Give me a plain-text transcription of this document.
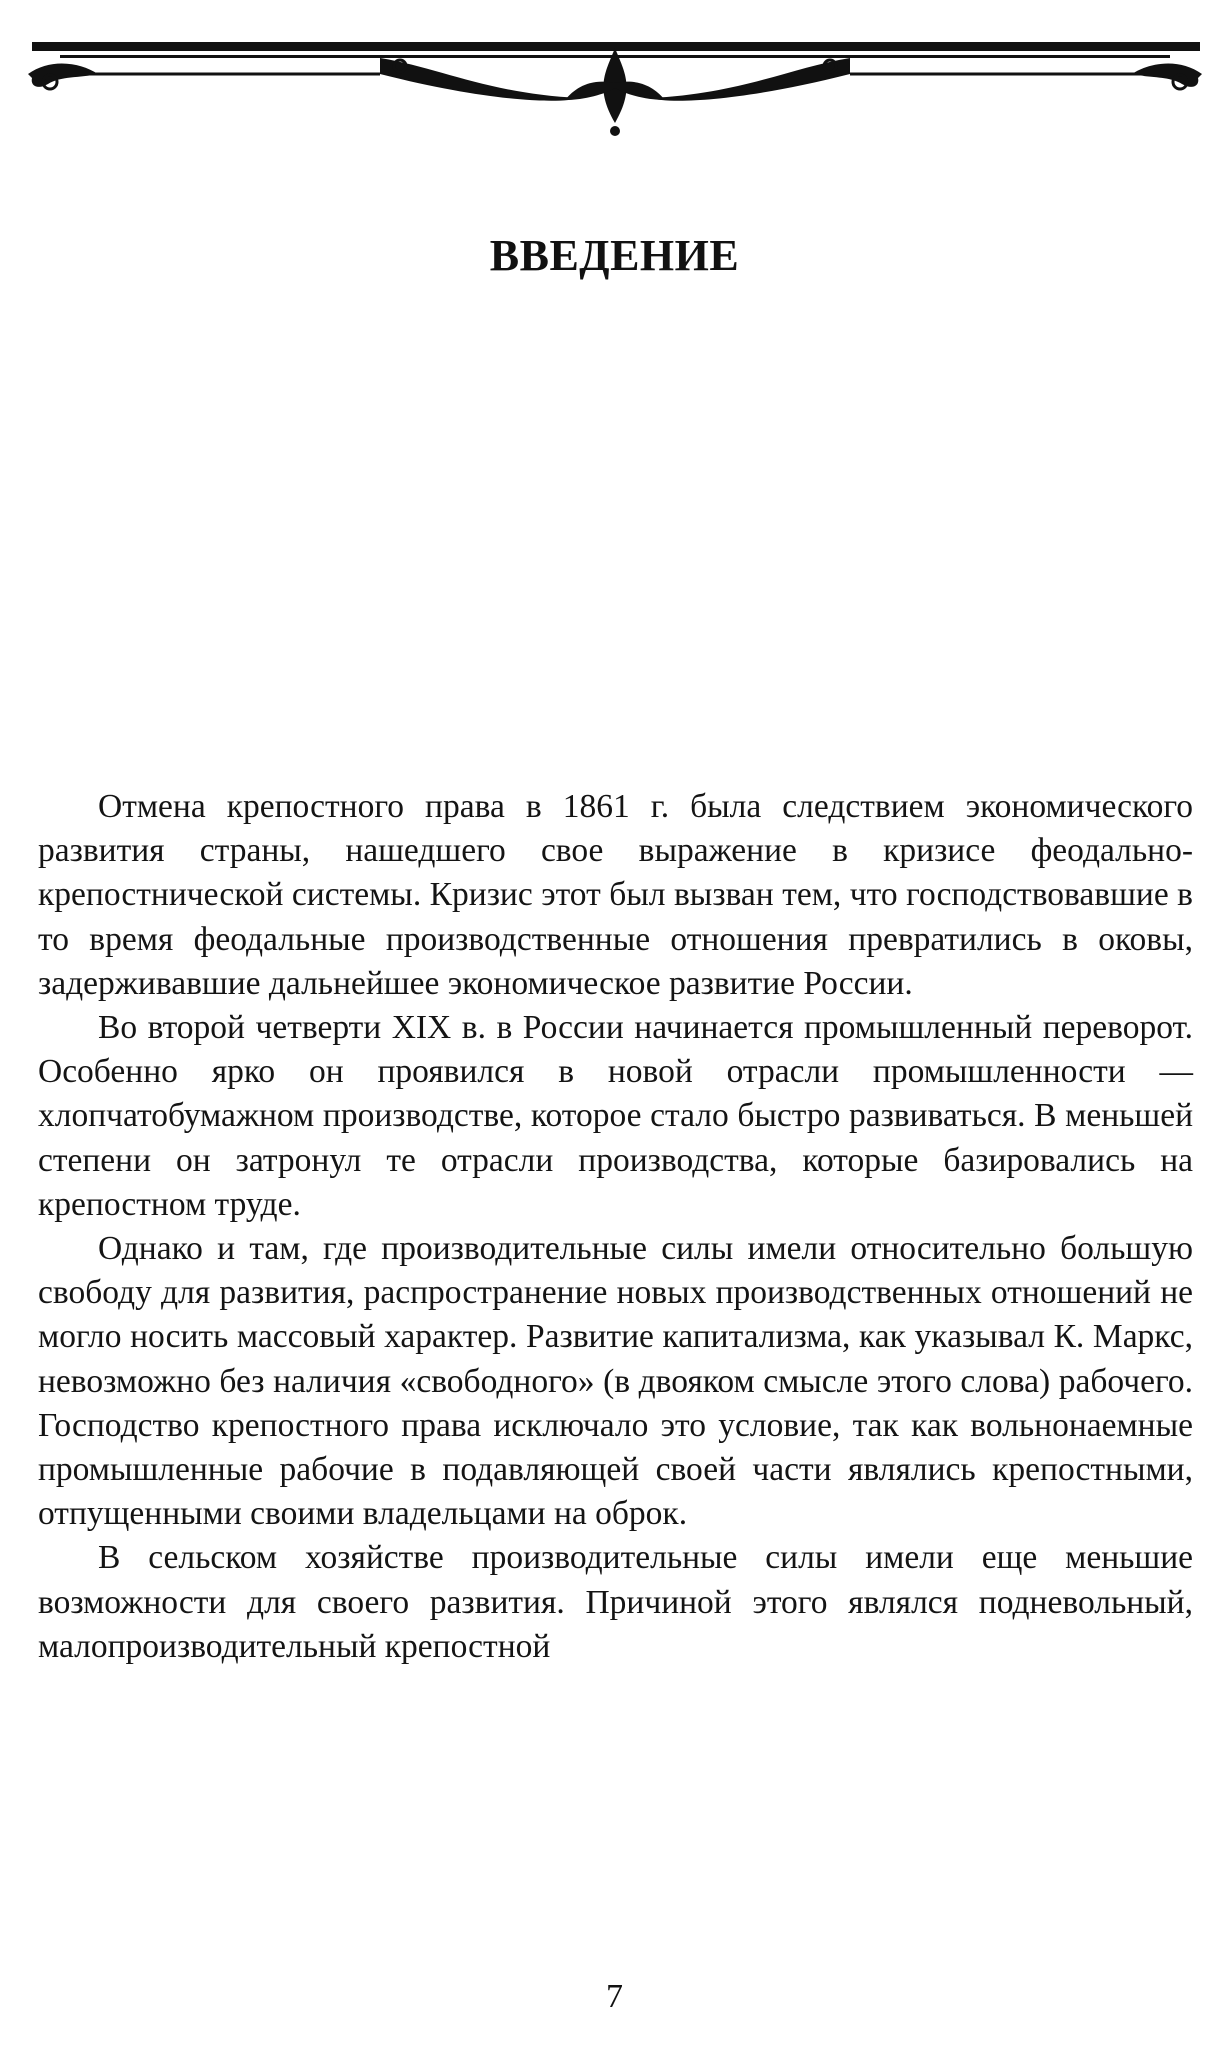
ВВЕДЕНИЕ

Отмена крепостного права в 1861 г. была следствием экономического развития страны, нашедшего свое выражение в кризисе феодально-крепостнической системы. Кризис этот был вызван тем, что господствовавшие в то время феодальные производственные отношения превратились в оковы, задерживавшие дальнейшее экономическое развитие России.

Во второй четверти XIX в. в России начинается промышленный переворот. Особенно ярко он проявился в новой отрасли промышленности — хлопчатобумажном производстве, которое стало быстро развиваться. В меньшей степени он затронул те отрасли производства, которые базировались на крепостном труде.

Однако и там, где производительные силы имели относительно большую свободу для развития, распространение новых производственных отношений не могло носить массовый характер. Развитие капитализма, как указывал К. Маркс, невозможно без наличия «свободного» (в двояком смысле этого слова) рабочего. Господство крепостного права исключало это условие, так как вольнонаемные промышленные рабочие в подавляющей своей части являлись крепостными, отпущенными своими владельцами на оброк.

В сельском хозяйстве производительные силы имели еще меньшие возможности для своего развития. Причиной этого являлся подневольный, малопроизводительный крепостной

7
